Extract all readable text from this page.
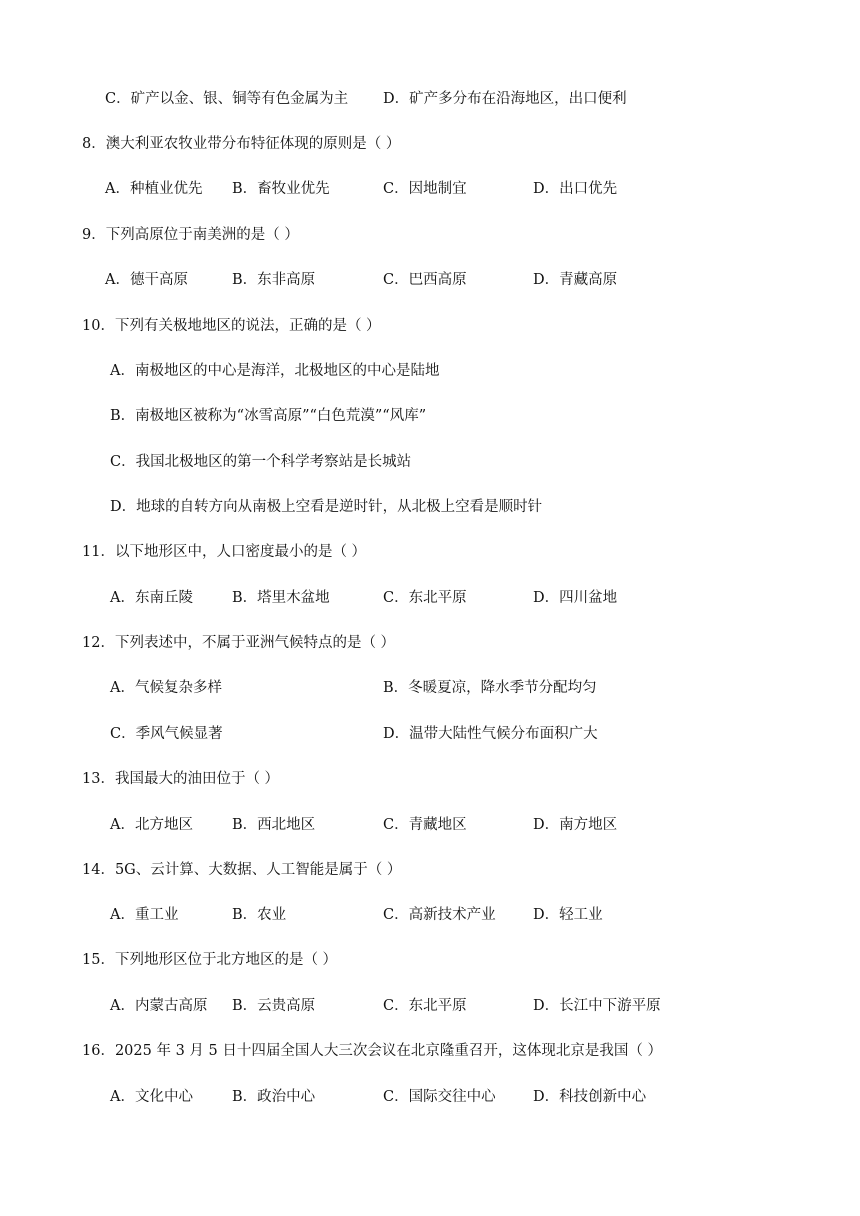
C．矿产以金、银、铜等有色金属为主 D．矿产多分布在沿海地区，出口便利
8．澳大利亚农牧业带分布特征体现的原则是（ ）
A．种植业优先 B．畜牧业优先	C．因地制宜	D．出口优先
9．下列高原位于南美洲的是（ ）
A．德干高原	B．东非高原	C．巴西高原	D．青藏高原
10．下列有关极地地区的说法，正确的是（ ）
A．南极地区的中心是海洋，北极地区的中心是陆地
B．南极地区被称为“冰雪高原”“白色荒漠”“风库”
C．我国北极地区的第一个科学考察站是长城站
D．地球的自转方向从南极上空看是逆时针，从北极上空看是顺时针
11．以下地形区中，人口密度最小的是（ ）
A．东南丘陵	B．塔里木盆地	C．东北平原	D．四川盆地
12．下列表述中，不属于亚洲气候特点的是（ ）
A．气候复杂多样	B．冬暖夏凉，降水季节分配均匀
C．季风气候显著	D．温带大陆性气候分布面积广大
13．我国最大的油田位于（ ）
A．北方地区	B．西北地区	C．青藏地区	D．南方地区
14．5G、云计算、大数据、人工智能是属于（ ）
A．重工业	B．农业	C．高新技术产业	D．轻工业
15．下列地形区位于北方地区的是（ ）
A．内蒙古高原 B．云贵高原	C．东北平原	D．长江中下游平原
16．2025 年 3 月 5 日十四届全国人大三次会议在北京隆重召开，这体现北京是我国（ ）
A．文化中心	B．政治中心	C．国际交往中心	D．科技创新中心
